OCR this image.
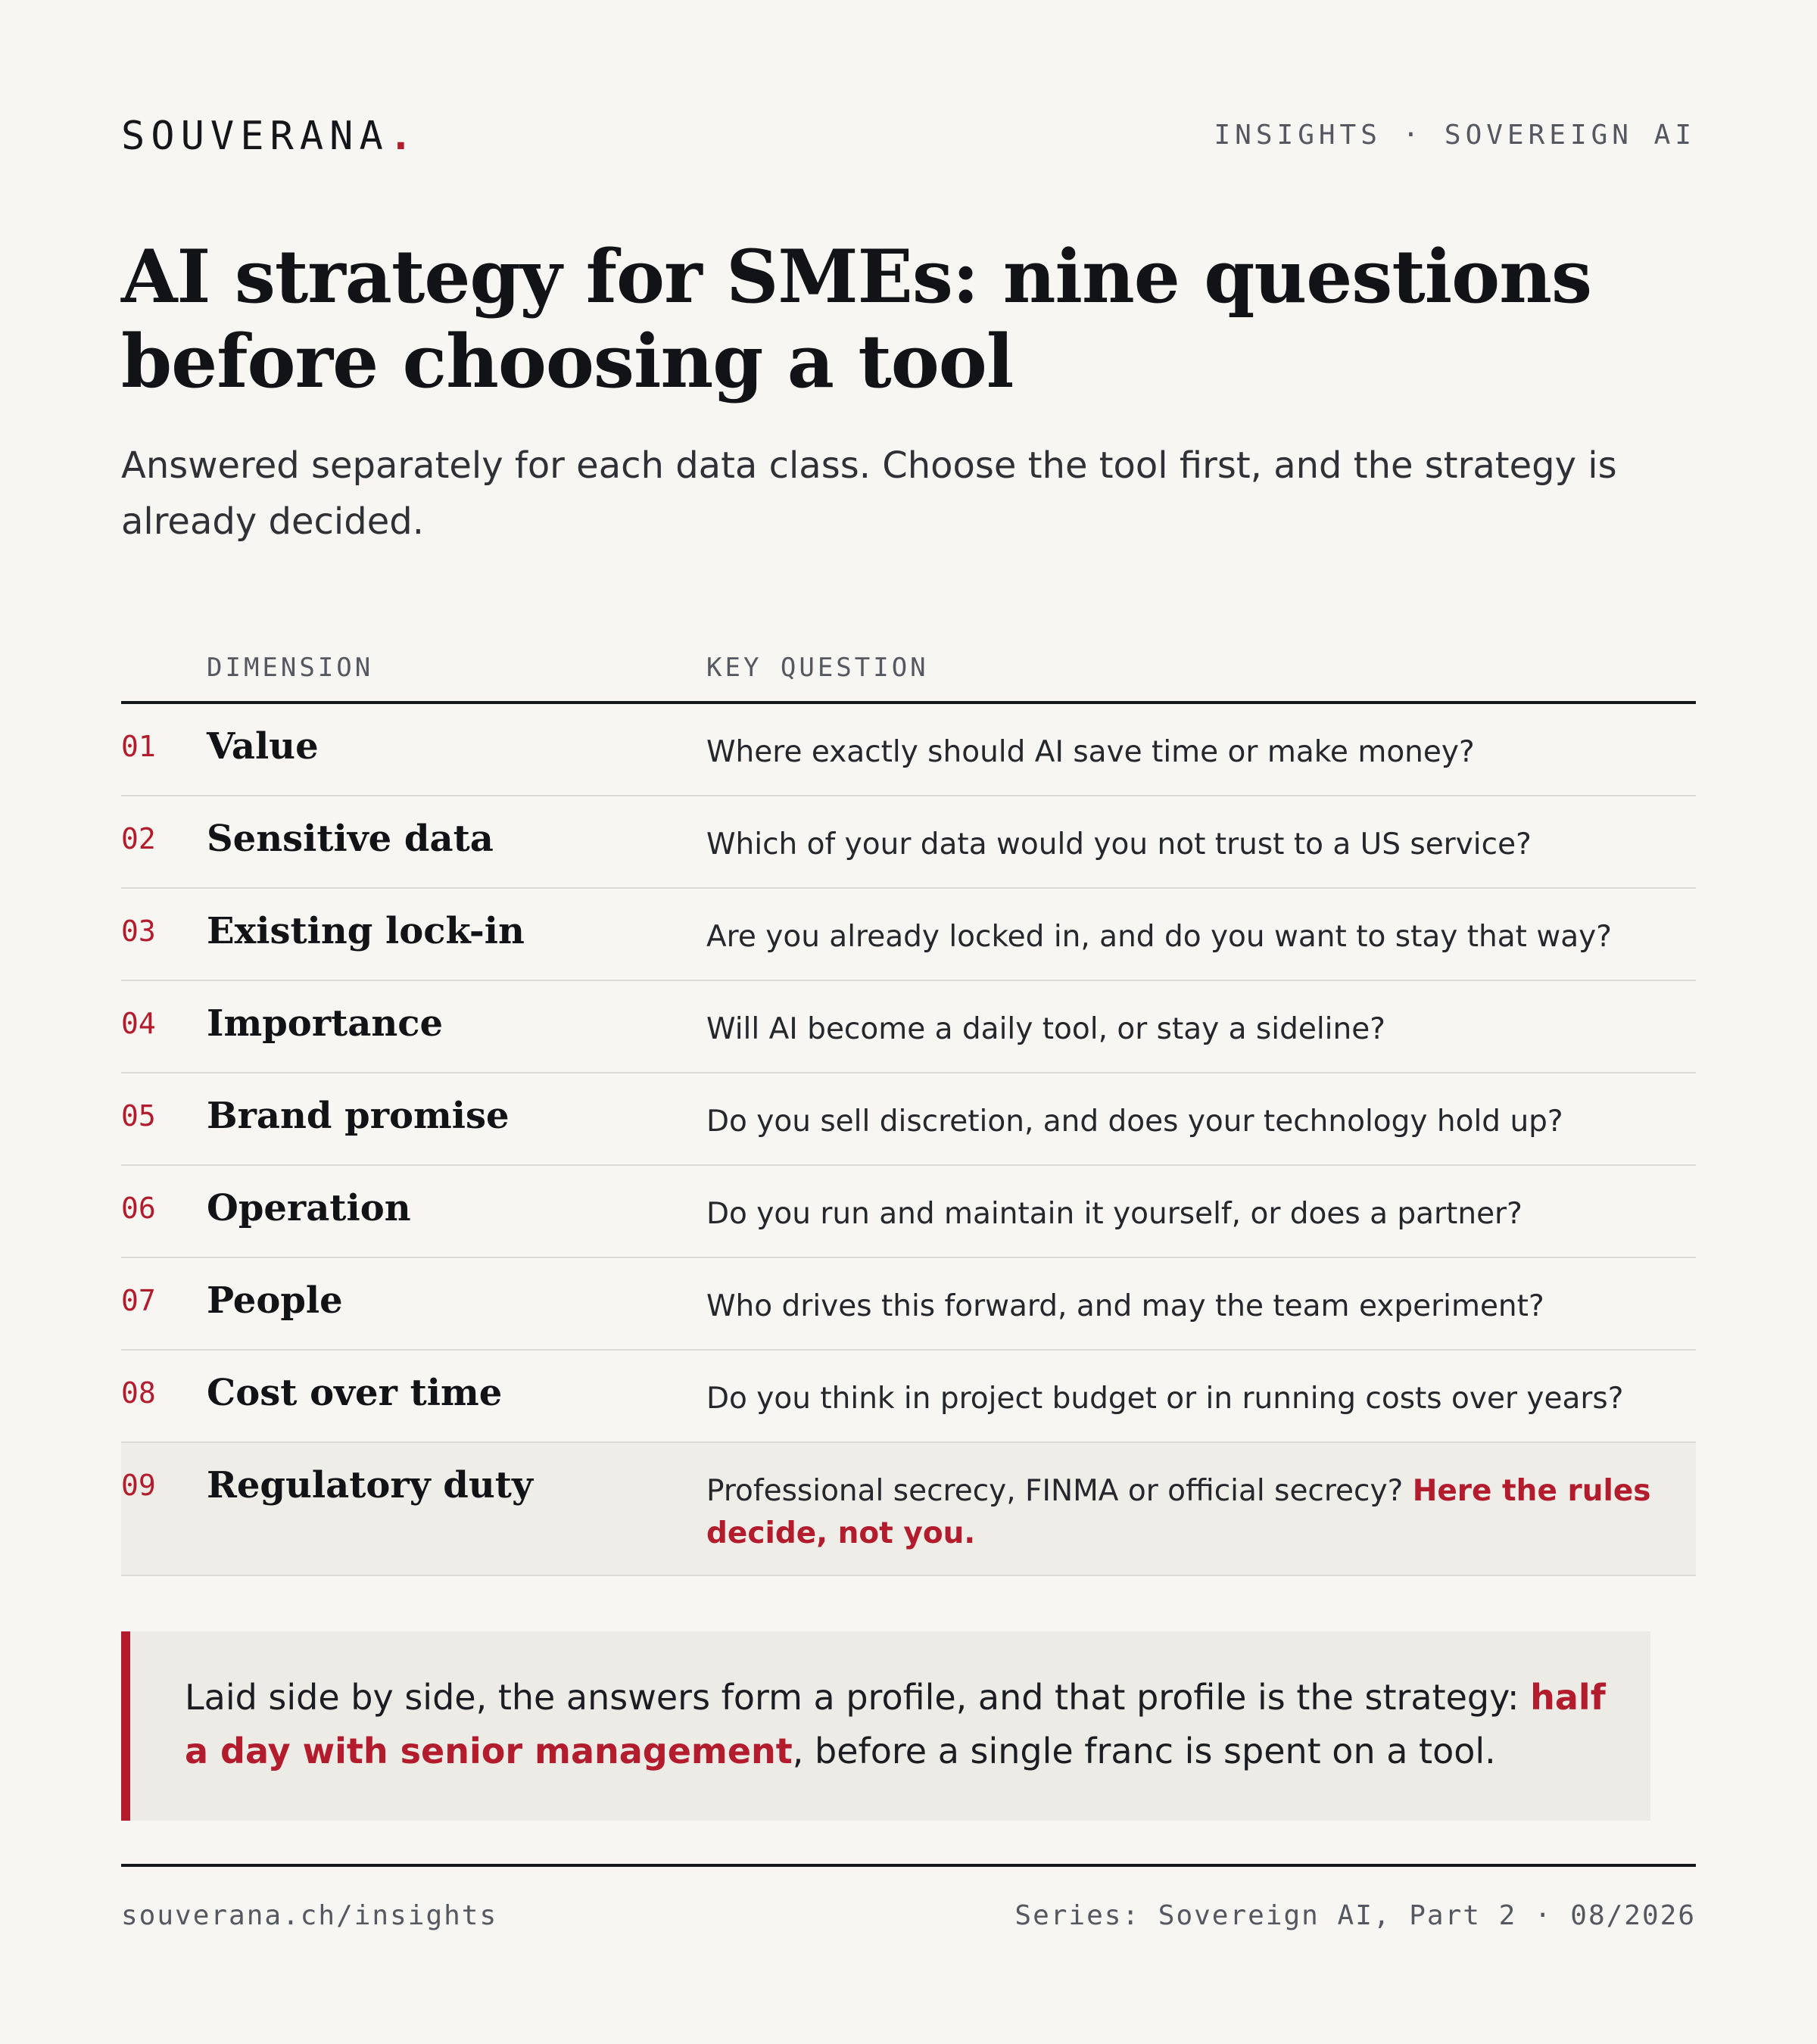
SOUVERANA.	INSIGHTS · SOVEREIGN AI
AI strategy for SMEs: nine questions before choosing a tool

Answered separately for each data class. Choose the tool first, and the strategy is already decided.

DIMENSION	KEY QUESTION
01 Value	Where exactly should AI save time or make money?
02 Sensitive data	Which of your data would you not trust to a US service?
03 Existing lock-in	Are you already locked in, and do you want to stay that way?
04 Importance	Will AI become a daily tool, or stay a sideline?
05 Brand promise	Do you sell discretion, and does your technology hold up?
06 Operation	Do you run and maintain it yourself, or does a partner?
07 People	Who drives this forward, and may the team experiment?
08 Cost over time	Do you think in project budget or in running costs over years?
09 Regulatory duty	Professional secrecy, FINMA or official secrecy? Here the rules decide, not you.

Laid side by side, the answers form a profile, and that profile is the strategy: half a day with senior management, before a single franc is spent on a tool.

souverana.ch/insights	Series: Sovereign AI, Part 2 · 08/2026
